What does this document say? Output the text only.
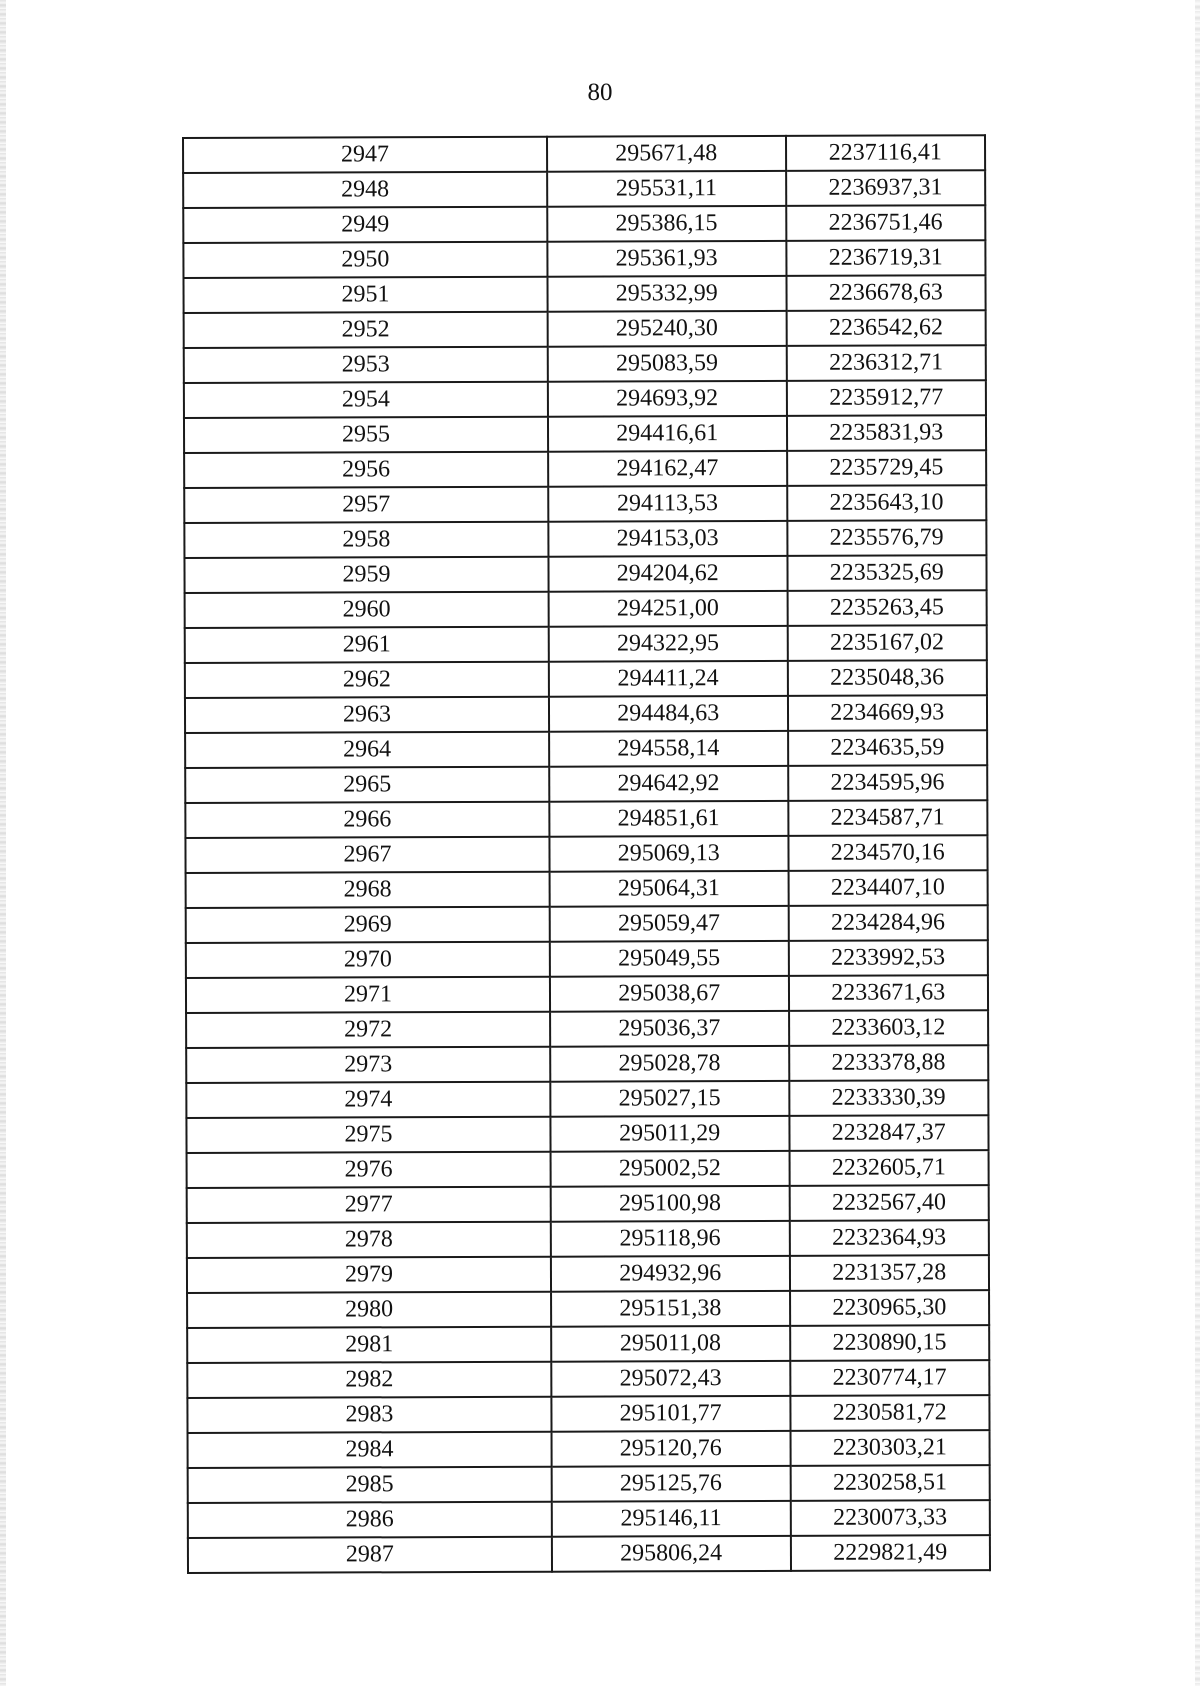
80
2947	295671,48	2237116,41
2948	295531,11	2236937,31
2949	295386,15	2236751,46
2950	295361,93	2236719,31
2951	295332,99	2236678,63
2952	295240,30	2236542,62
2953	295083,59	2236312,71
2954	294693,92	2235912,77
2955	294416,61	2235831,93
2956	294162,47	2235729,45
2957	294113,53	2235643,10
2958	294153,03	2235576,79
2959	294204,62	2235325,69
2960	294251,00	2235263,45
2961	294322,95	2235167,02
2962	294411,24	2235048,36
2963	294484,63	2234669,93
2964	294558,14	2234635,59
2965	294642,92	2234595,96
2966	294851,61	2234587,71
2967	295069,13	2234570,16
2968	295064,31	2234407,10
2969	295059,47	2234284,96
2970	295049,55	2233992,53
2971	295038,67	2233671,63
2972	295036,37	2233603,12
2973	295028,78	2233378,88
2974	295027,15	2233330,39
2975	295011,29	2232847,37
2976	295002,52	2232605,71
2977	295100,98	2232567,40
2978	295118,96	2232364,93
2979	294932,96	2231357,28
2980	295151,38	2230965,30
2981	295011,08	2230890,15
2982	295072,43	2230774,17
2983	295101,77	2230581,72
2984	295120,76	2230303,21
2985	295125,76	2230258,51
2986	295146,11	2230073,33
2987	295806,24	2229821,49
